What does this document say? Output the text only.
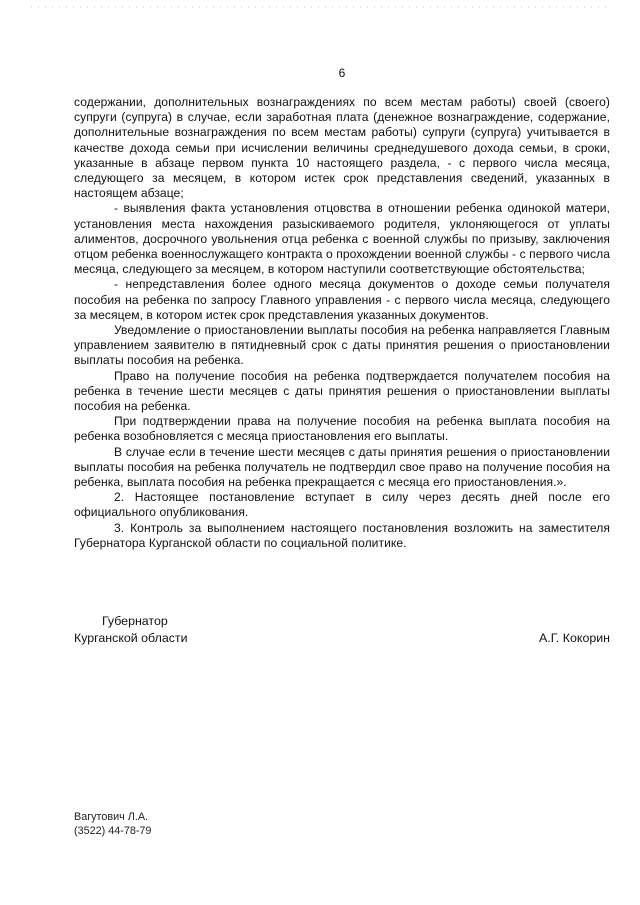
6

содержании, дополнительных вознаграждениях по всем местам работы) своей (своего) супруги (супруга) в случае, если заработная плата (денежное вознаграждение, содержание, дополнительные вознаграждения по всем местам работы) супруги (супруга) учитывается в качестве дохода семьи при исчислении величины среднедушевого дохода семьи, в сроки, указанные в абзаце первом пункта 10 настоящего раздела, - с первого числа месяца, следующего за месяцем, в котором истек срок представления сведений, указанных в настоящем абзаце;

- выявления факта установления отцовства в отношении ребенка одинокой матери, установления места нахождения разыскиваемого родителя, уклоняющегося от уплаты алиментов, досрочного увольнения отца ребенка с военной службы по призыву, заключения отцом ребенка военнослужащего контракта о прохождении военной службы - с первого числа месяца, следующего за месяцем, в котором наступили соответствующие обстоятельства;

- непредставления более одного месяца документов о доходе семьи получателя пособия на ребенка по запросу Главного управления - с первого числа месяца, следующего за месяцем, в котором истек срок представления указанных документов.

Уведомление о приостановлении выплаты пособия на ребенка направляется Главным управлением заявителю в пятидневный срок с даты принятия решения о приостановлении выплаты пособия на ребенка.

Право на получение пособия на ребенка подтверждается получателем пособия на ребенка в течение шести месяцев с даты принятия решения о приостановлении выплаты пособия на ребенка.

При подтверждении права на получение пособия на ребенка выплата пособия на ребенка возобновляется с месяца приостановления его выплаты.

В случае если в течение шести месяцев с даты принятия решения о приостановлении выплаты пособия на ребенка получатель не подтвердил свое право на получение пособия на ребенка, выплата пособия на ребенка прекращается с месяца его приостановления.».

2. Настоящее постановление вступает в силу через десять дней после его официального опубликования.

3. Контроль за выполнением настоящего постановления возложить на заместителя Губернатора Курганской области по социальной политике.

Губернатор
Курганской области	А.Г. Кокорин
Вагутович Л.А.
(3522) 44-78-79
